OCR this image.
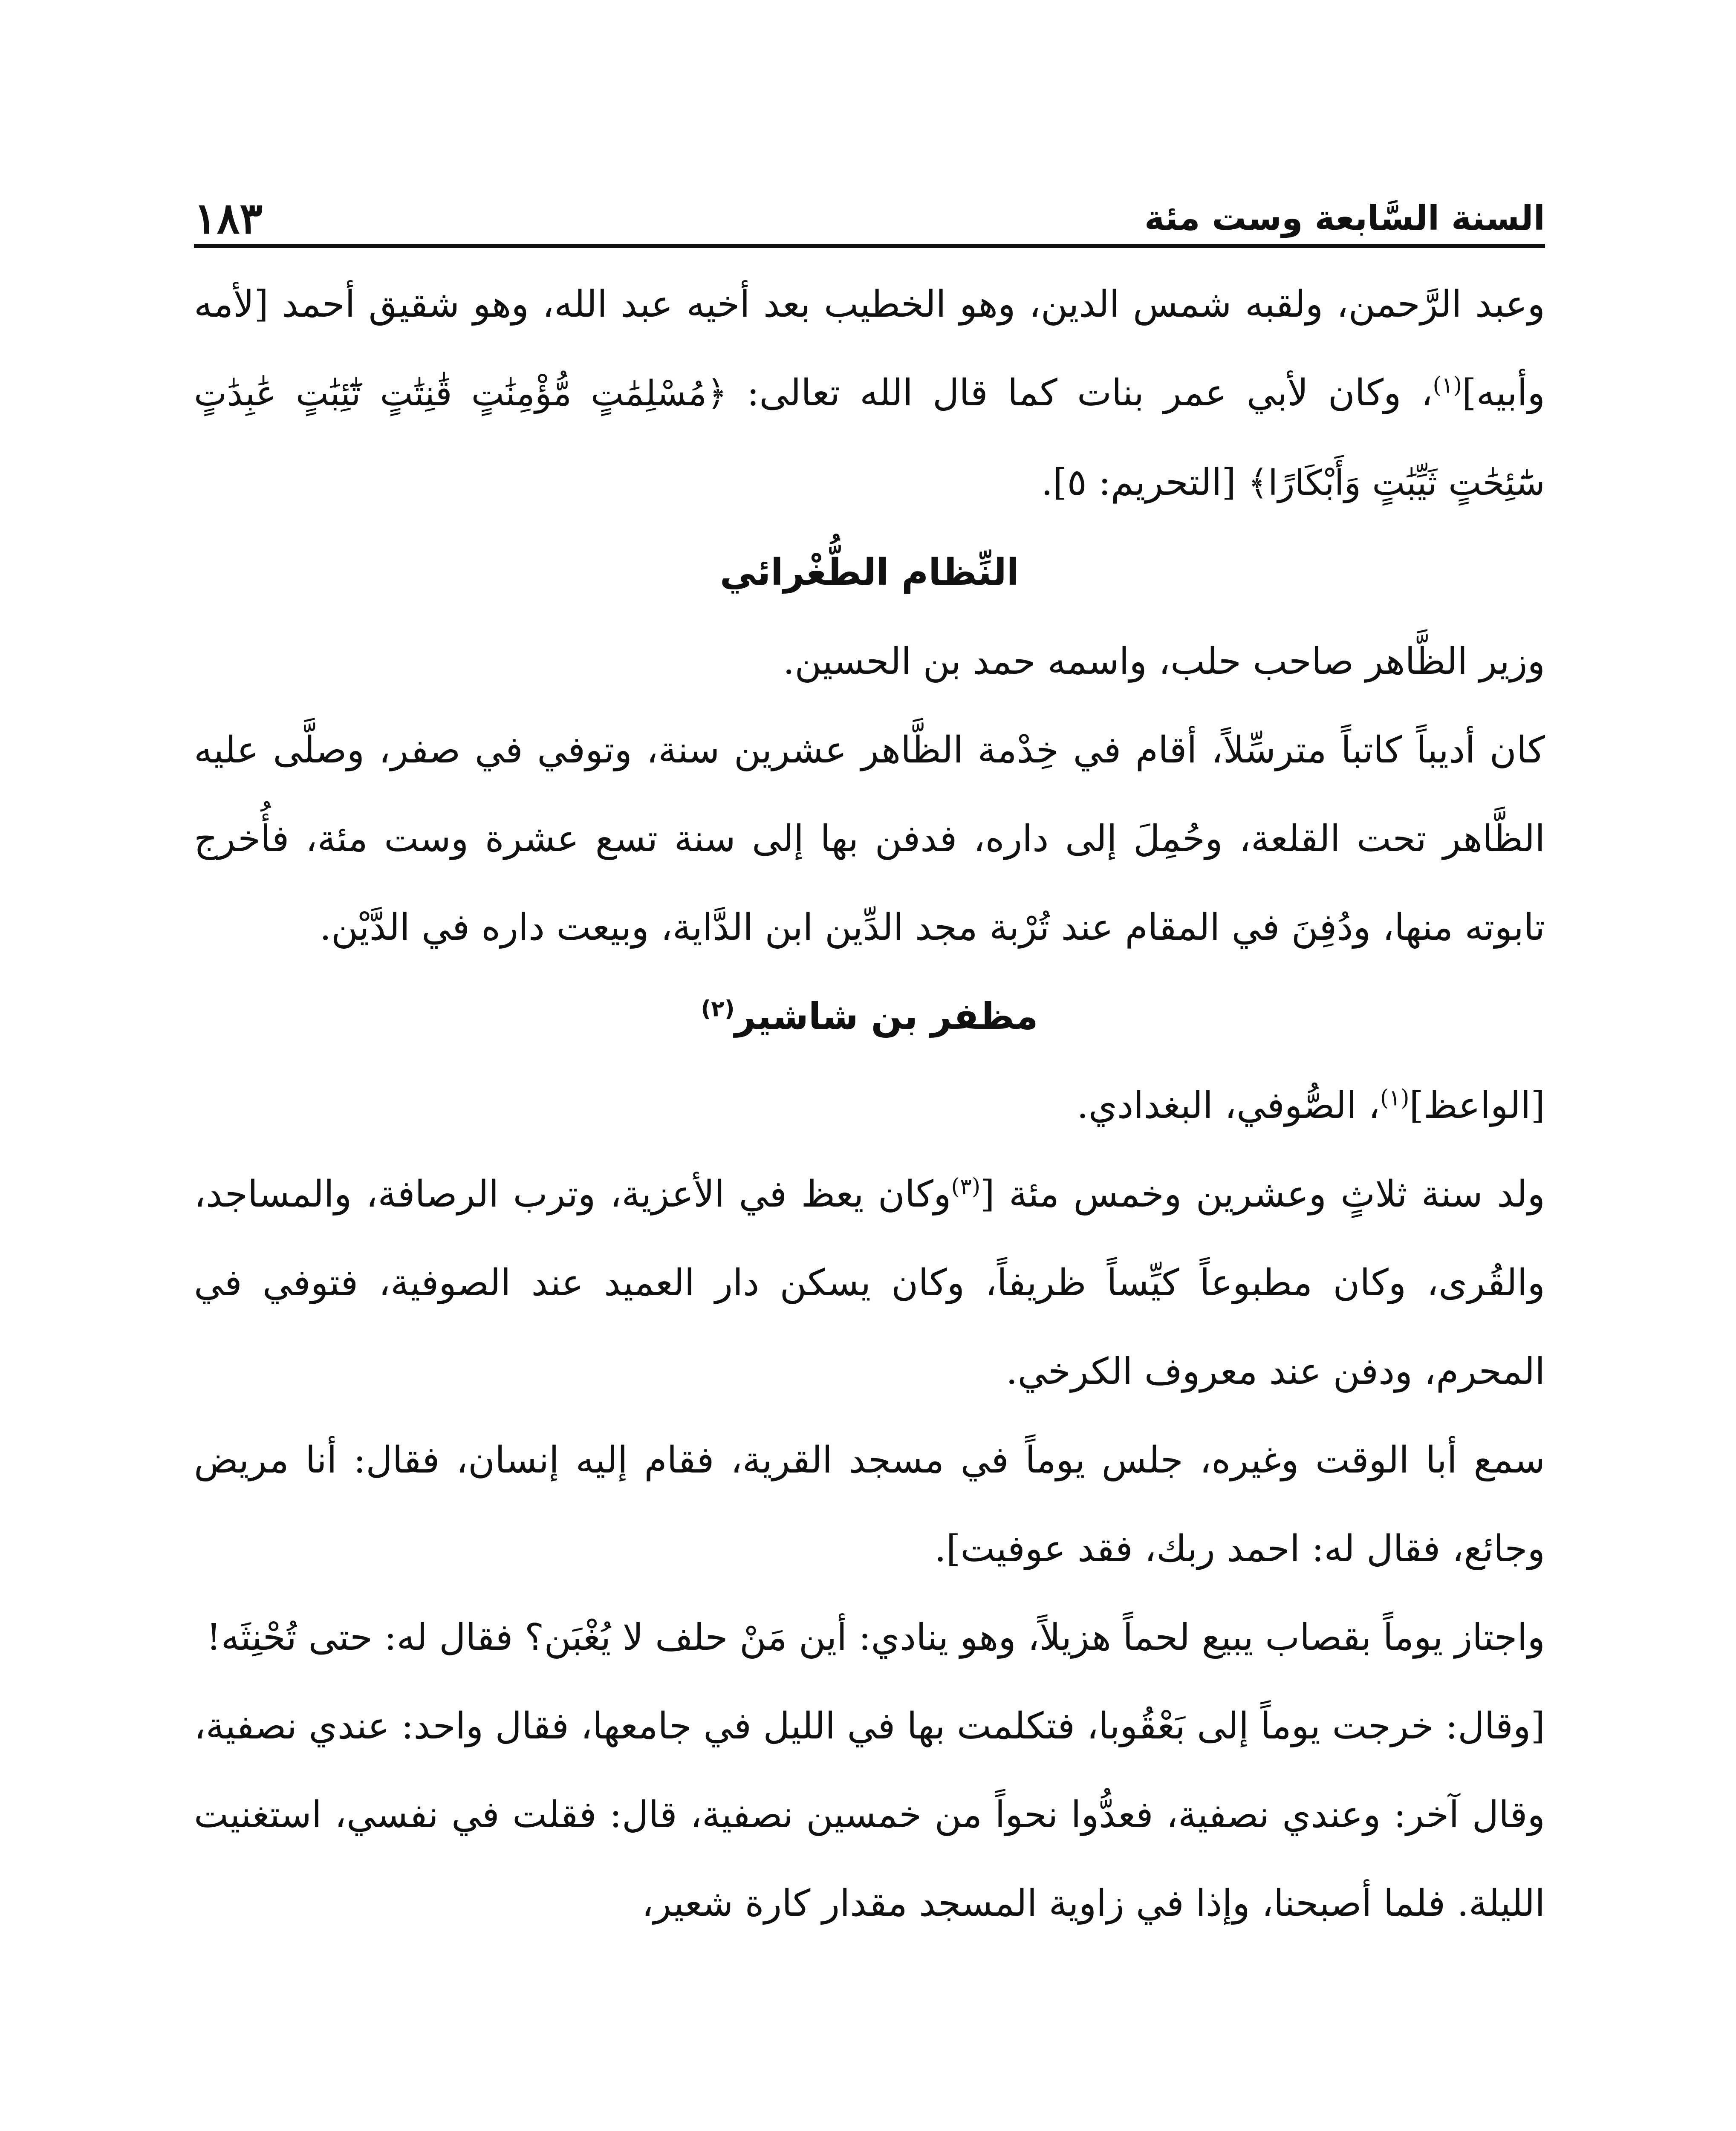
السنة السَّابعة وست مئة
١٨٣

وعبد الرَّحمن، ولقبه شمس الدين، وهو الخطيب بعد أخيه عبد الله، وهو شقيق أحمد [لأمه وأبيه]$^{(١)}$، وكان لأبي عمر بنات كما قال الله تعالى: ﴿مُسْلِمَٰتٍ مُّؤْمِنَٰتٍ قَٰنِتَٰتٍ تَٰٓئِبَٰتٍ عَٰبِدَٰتٍ سَٰٓئِحَٰتٍ ثَيِّبَٰتٍ وَأَبْكَارًا﴾ [التحريم: ٥].

النِّظام الطُّغْرائي

وزير الظَّاهر صاحب حلب، واسمه حمد بن الحسين.

كان أديباً كاتباً مترسِّلاً، أقام في خِدْمة الظَّاهر عشرين سنة، وتوفي في صفر، وصلَّى عليه الظَّاهر تحت القلعة، وحُمِلَ إلى داره، فدفن بها إلى سنة تسع عشرة وست مئة، فأُخرج تابوته منها، ودُفِنَ في المقام عند تُرْبة مجد الدِّين ابن الدَّاية، وبيعت داره في الدَّيْن.

مظفر بن شاشير$^{(٢)}$

[الواعظ]$^{(١)}$، الصُّوفي، البغدادي.

ولد سنة ثلاثٍ وعشرين وخمس مئة [$^{(٣)}$وكان يعظ في الأعزية، وترب الرصافة، والمساجد، والقُرى، وكان مطبوعاً كيِّساً ظريفاً، وكان يسكن دار العميد عند الصوفية، فتوفي في المحرم، ودفن عند معروف الكرخي.

سمع أبا الوقت وغيره، جلس يوماً في مسجد القرية، فقام إليه إنسان، فقال: أنا مريض وجائع، فقال له: احمد ربك، فقد عوفيت].

واجتاز يوماً بقصاب يبيع لحماً هزيلاً، وهو ينادي: أين مَنْ حلف لا يُغْبَن؟ فقال له: حتى تُحْنِثَه!

[وقال: خرجت يوماً إلى بَعْقُوبا، فتكلمت بها في الليل في جامعها، فقال واحد: عندي نصفية، وقال آخر: وعندي نصفية، فعدُّوا نحواً من خمسين نصفية، قال: فقلت في نفسي، استغنيت الليلة. فلما أصبحنا، وإذا في زاوية المسجد مقدار كارة شعير،
